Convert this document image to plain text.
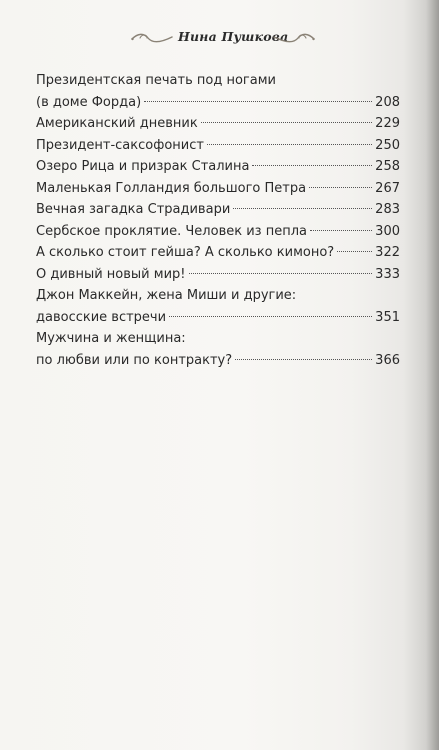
Нина Пушкова
Президентская печать под ногами
(в доме Форда)	208
Американский дневник	229
Президент-саксофонист	250
Озеро Рица и призрак Сталина	258
Маленькая Голландия большого Петра	267
Вечная загадка Страдивари	283
Сербское проклятие. Человек из пепла	300
А сколько стоит гейша? А сколько кимоно?	322
О дивный новый мир!	333
Джон Маккейн, жена Миши и другие:
давосские встречи	351
Мужчина и женщина:
по любви или по контракту?	366
